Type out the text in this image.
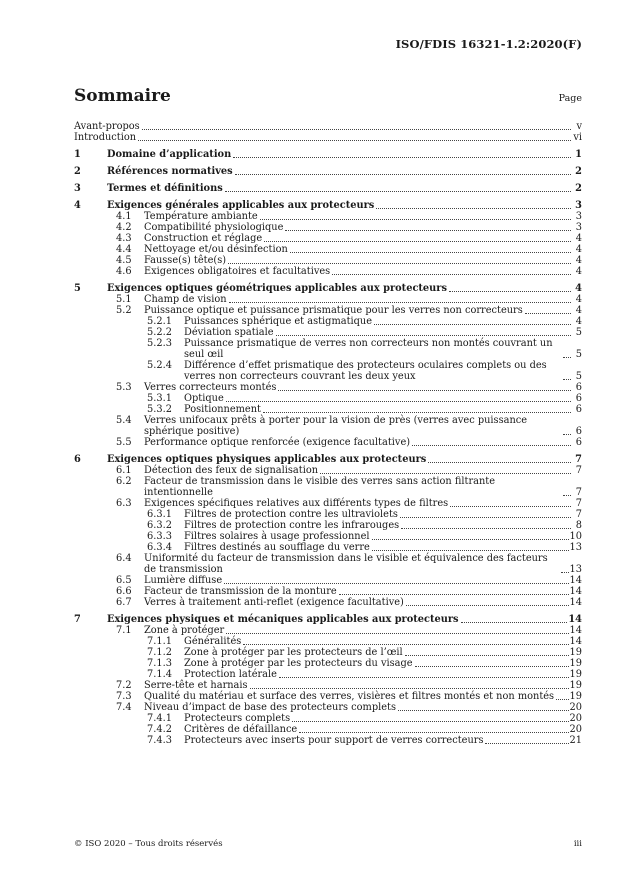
ISO/FDIS 16321-1.2:2020(F)
Sommaire	Page
Avant-propos	v
Introduction	vi
1	Domaine d’application	1
2	Références normatives	2
3	Termes et définitions	2
4	Exigences générales applicables aux protecteurs	3
4.1 Température ambiante	3
4.2 Compatibilité physiologique	3
4.3 Construction et réglage	4
4.4 Nettoyage et/ou désinfection	4
4.5 Fausse(s) tête(s)	4
4.6 Exigences obligatoires et facultatives	4
5	Exigences optiques géométriques applicables aux protecteurs	4
5.1 Champ de vision	4
5.2 Puissance optique et puissance prismatique pour les verres non correcteurs	4
5.2.1 Puissances sphérique et astigmatique	4
5.2.2 Déviation spatiale	5
5.2.3 Puissance prismatique de verres non correcteurs non montés couvrant un seul œil	5
5.2.4 Différence d’effet prismatique des protecteurs oculaires complets ou des verres non correcteurs couvrant les deux yeux	5
5.3 Verres correcteurs montés	6
5.3.1 Optique	6
5.3.2 Positionnement	6
5.4 Verres unifocaux prêts à porter pour la vision de près (verres avec puissance sphérique positive)	6
5.5 Performance optique renforcée (exigence facultative)	6
6	Exigences optiques physiques applicables aux protecteurs	7
6.1 Détection des feux de signalisation	7
6.2 Facteur de transmission dans le visible des verres sans action filtrante intentionnelle	7
6.3 Exigences spécifiques relatives aux différents types de filtres	7
6.3.1 Filtres de protection contre les ultraviolets	7
6.3.2 Filtres de protection contre les infrarouges	8
6.3.3 Filtres solaires à usage professionnel	10
6.3.4 Filtres destinés au soufflage du verre	13
6.4 Uniformité du facteur de transmission dans le visible et équivalence des facteurs de transmission	13
6.5 Lumière diffuse	14
6.6 Facteur de transmission de la monture	14
6.7 Verres à traitement anti-reflet (exigence facultative)	14
7	Exigences physiques et mécaniques applicables aux protecteurs	14
7.1 Zone à protéger	14
7.1.1 Généralités	14
7.1.2 Zone à protéger par les protecteurs de l’œil	19
7.1.3 Zone à protéger par les protecteurs du visage	19
7.1.4 Protection latérale	19
7.2 Serre-tête et harnais	19
7.3 Qualité du matériau et surface des verres, visières et filtres montés et non montés 19
7.4 Niveau d’impact de base des protecteurs complets	20
7.4.1 Protecteurs complets	20
7.4.2 Critères de défaillance	20
7.4.3 Protecteurs avec inserts pour support de verres correcteurs	21
© ISO 2020 – Tous droits réservés	iii
